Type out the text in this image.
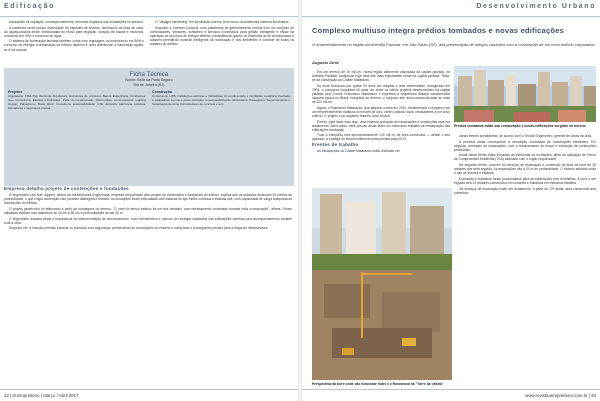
Edificação

tubulações de captação, consequentemente, menores impactos nas instalações no entorno.

A cobertura verde possui diversidade de espécies de árvores, diminuindo as ilhas de calor. As águas pluviais foram direcionadas ao reúso para irrigação, lavação de bacias e mictórios, reduzindo em 40% o consumo de água.

O sistema de iluminação fachada também conta com regulagem, economizando em 50% o consumo de energia. A automação do edifício também é outro diferencial: a iluminação ajusta-se à luz natural.

O "daylight harvesting" em iluminação interna, bem como os ambientes internos iluminados.

Segundo a Johnson Controls, uma plataforma de gerenciamento predial com um conjunto de controladores, sensores, softwares e serviços conectados para gestão inteligente e eficaz da operação de recursos de energia elétrica, possibilitando ganho de eficiência ao ar condicionado e também permitindo controle inteligente da iluminação e dos ambientes e controle de todos os andares do edifício.

Ficha Técnica
Nome: Sede da Porto Seguro
Rio de Janeiro (RJ)
Projetos
Arquitetura: KMA Ruy Rezende Arquitetura; Estruturas de concreto: Benoit Engenharia; Fundações: Geo Consultoria; Elétrica e hidráulica: PHG; Ar-condicionado: Thermoplan; Luminotécnica: Lighting Design; Paisagismo: Burle Marx; Consultoria sustentabilidade: CTE; Acústica: Harmonia Acústica; Elevadores e segurança predial.
Construção
Construtora: HTB; Instalações elétricas e hidráulicas; Ar-condicionado e ventilação mecânica; Fachada e esquadrias; Forros e pisos elevados; Impermeabilização; Elevadores; Paisagismo; Gerenciamento e fiscalização de obra; Fornecedores de concreto e aço.
Empresa detalha projeto de contenções e fundações

O engenheiro civil Ivan Joppert, diretor da Infraestrutura Engenharia, empresa responsável pelo projeto de contenções e fundações do edifício, explica que os subsolos alcançam 15 metros de profundidade, o que exigiu contenção com paredes diafragma e tirantes. As fundações foram executadas com estacas do tipo hélice contínua e estacas raiz, com capacidade de carga adequada às solicitações do edifício.

O projeto geotécnico foi elaborado a partir de sondagens no terreno. "O nível do lençol freático foi um dos desafios, com rebaixamento controlado durante toda a escavação", afirma. Foram utilizadas estacas com diâmetros de 40 cm a 80 cm e profundidades de até 30 m.

O engenheiro destaca ainda a importância da instrumentação de monitoramento, com inclinômetros e marcos de recalque instalados nas edificações vizinhas para acompanhamento durante toda a obra.

Segundo ele, a solução permitiu escavar os subsolos com segurança, preservando as construções do entorno e cumprindo o cronograma previsto para a etapa de infraestrutura.

32 | O Empreiteiro | Março / Abril 2017
Desenvolvimento Urbano
Complexo multiuso integra prédios tombados e novas edificações
O empreendimento no região da Avenida Paulista, em São Paulo (SP), alia preservação de antigos casarões com a construção de um novo edifício corporativo
Augusto Diniz

Em um terreno de 30 mil m², numa região altamente valorizada da capital paulista, na Avenida Paulista, localiza-se hoje uma das mais importantes obras na capital paulista. Trata-se da construção da Cidade Matarazzo.

No local funcionou por quase 90 anos um hospital e uma maternidade. Inaugurado em 1904, o complexo hospitalar foi mais um entre os vários projetos desenvolvidos na capital paulista pelo Conde Francesco Matarazzo e expressa a arquitetura italiana característica daquela época no Brasil. Integrado ao terreno, o conjunto tem área construída total de mais de 100 mil m².

Agora, o Rosewood Matarazzo, que adquiriu a área em 2011, transformará o complexo em um empreendimento multiuso com hotel de luxo, centro cultural, lojas, restaurantes e um novo edifício. O projeto é do arquiteto francês Jean Nouvel.

Porém, para fazer tudo isso, uma extensa operação de escavações e contenções está em andamento. Além disso, será preciso ainda fazer um minucioso trabalho de restauração das edificações tombadas.

Tudo o complexo terá aproximadamente 140 mil m² de área construída — desde o seu passado, a entrega do empreendimento está prevista para 2019.

Frentes de trabalho

As escavações na Cidade Matarazzo estão divididas em

Prédios tombados estão sob restauração e novas edificações surgirão no terreno
Perspectiva da torre onde vão funcionar hotel e o Rosewood na "Torre da Vitória"

várias frentes simultâneas, de acordo com o Teodor Engenheiro, gerente de obras da obra.

A primeira delas corresponde à demolição controlada de construções existentes. Em seguida, começam as escavações, com o rebaixamento do lençol e execução de contenções provisórias.

Ainda nesta frente estão incluídas as estruturas de fundações, além da aplicação de Termo de Compromisso Ambiental (TCA) assinado com o órgão responsável.

No segundo frente, ocorrem os serviços de escavação e contenção da área da torre de 30 andares que será erguida. As escavações vão a 20 m de profundidade. O modelo adotado inclui o uso de tirantes e estacas.

Estruturas e trabalhos foram posicionados para as contenções com trincheiras. A torre a ser erguida terá 23 andares construídos em concreto e trabalhos em estrutura metálica.

Os serviços de escavação estão em andamento. A partir de 22ª andar, será construída uma cobertura.

www.revistaoempreiteiro.com.br | 33
